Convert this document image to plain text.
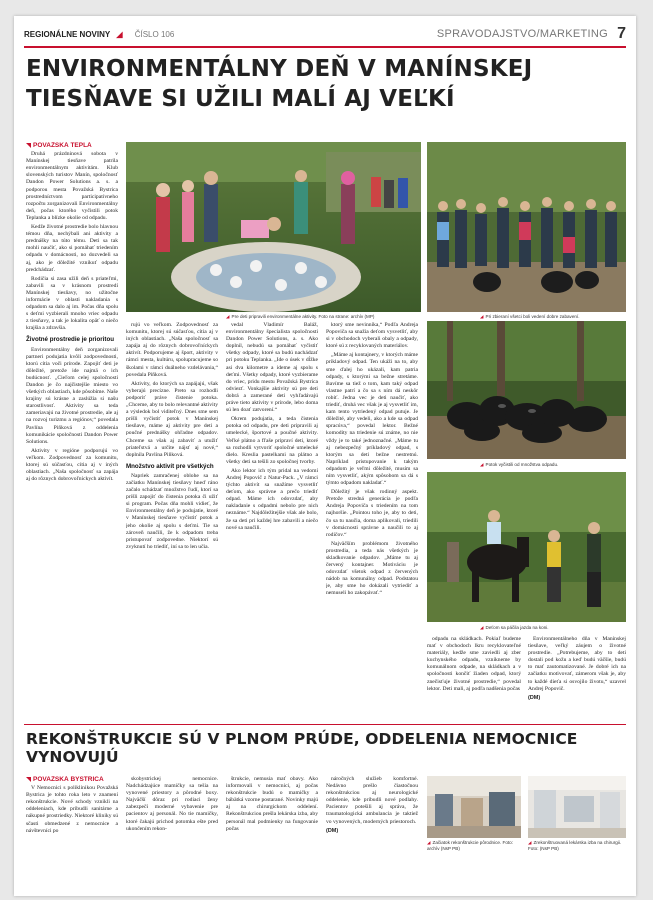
REGIONÁLNE NOVINY ◢ ČÍSLO 106	SPRAVODAJSTVO/MARKETING 7
ENVIRONMENTÁLNY DEŇ V MANÍNSKEJ
TIESŇAVE SI UŽILI MALÍ AJ VEĽKÍ
POVAŽSKÁ TEPLÁ

Druhá prázdninová sobota v Manínskej tiesňave patrila environmentálnym aktivitám. Klub slovenských turistov Manín, spoločnosť Dandon Power Solutions a. s. a podporou mesta Považská Bystrica prostredníctvom participatívneho rozpočtu zorganizovali Environmentálny deň, počas ktorého vyčistili potok Teplanka a blízke okolie od odpadu.

Kedže životné prostredie bolo hlavnou témou dňa, nechýbali ani aktivity a prednášky na túto tému. Deti sa tak mohli naučiť, ako si pomáhať triedením odpadu v domácnosti, no dozvedeli sa aj, ako je dôležité vznikuť odpadu predchádzať.

Rodičia si zasa užili deň s priateľmi, zabavili sa v krásnom prostredí Manínskej tiesňavy, no užitočne informácie v oblasti nakladania s odpadom sa dalo aj im. Počas dňa spolu s deťmi vyzbierali mnoho vriec odpadu z tiesňavy, a tak je lokalita opäť o niečo krajšia a zdravšia.

Životné prostredie je prioritou

Environmentálny deň zorganizovali partneri podujatia kvôli zodpovednosti, ktorú cítia voči prírode. Zapojiť deti je dôležité, pretože ide najmä o ich budúcnosť. „Cieľom celej spoločnosti Dandon je čo najčistejšie miesto vo všetkých oblastiach, kde pôsobíme. Naše krajiny sú krásne a zaslúžia si našu starostlivosť. Aktivity sa teda zameriavajú na životné prostredie, ale aj na rozvoj turizmu a regiónov,“ povedala Pavlína Piňková z oddelenia komunikácie spoločnosti Dandon Power Solutions.

Aktivity v regióne podporujú vo veľkom. Zodpovednosť za komunitu, ktorej sú súčasťou, cítia aj v iných oblastiach. „Naša spoločnosť sa zapája aj do rôznych dobrovoľníckych aktivít.

◢ Pre deti pripravili environmentálne aktivity. Foto na strane: archív (MP)	◢ Pri zbieraní všetci boli vedení dobre zabavení.

rujú vo veľkom. Zodpovednosť za komunitu, ktorej sú súčasťou, cítia aj v iných oblastiach. „Naša spoločnosť sa zapája aj do rôznych dobrovoľníckych aktivít. Podporujeme aj šport, aktivity v rámci mesta, kultúru, spolupracujeme so školami v rámci duálneho vzdelávania,“ povedala Piňková.

Aktivity, do ktorých sa zapájajú, však vyberajú precízne. Preto sa rozhodli podporiť práve čistenie potoka. „Chceme, aby to bolo relevantné aktivity a výsledok bol viditeľný. Dnes sme sem prišli vyčistiť potok v Manínskej tiesňave, máme aj aktivity pre deti a poučné prednášky ohľadne odpadov. Chceme sa však aj zabaviť a utužiť priateľstvá a určite nájsť aj nové,“ doplnila Pavlína Piňková.

Množstvo aktivít pre všetkých

Napriek zamračenej oblohe sa na začiatku Manínskej tiesňavy hneď ráno začalo schádzať množstvo ľudí, ktorí sa prišli zapojiť do čistenia potoka či užiť si program. Počas dňa mohli vidieť, že Environmentálny deň je podujatie, ktoré v Manínskej tiesňave vyčistiť potok a jeho okolie aj spolu s deťmi. Tie sa zároveň naučili, že k odpadom treba pristupovať zodpovedne. Niektorí sú zvyknutí ho triediť, iní sa to len učia.

vedal Vladimír Baláž, environmentálny špecialista spoločnosti Dandon Power Solutions, a. s. Ako doplnil, nebudú sa pomáhať vyčistiť všetky odpady, ktoré sa budú nachádzať pri potoku Teplanka. „Ide o úsek v dĺžke asi dva kilometre a ideme aj spolu s deťmi. Všetky odpady, ktoré vyzbierame do vriec, pridu mestu Považská Bystrica odviezť. Vonkajšie aktivity sú pre deti dobrá a zamerané deti vyhľadávajú práve tieto aktivity v prírode, lebo doma sú len doať zatvorení.“

Okrem podujatia, a teda čistenia potoka od odpadu, pre deti pripravili aj umelecké, športové a poučné aktivity. Veľké plátno a fľaše pripraví deti, ktoré sa rozhodli vytvoriť spoločné umelecké dielo. Kreslia pastelkami na plátno a všetky deti sa tešili zo spoločnej tvorby.

Ako lektor ich tým pridal na vedomí Andrej Popovič z Natur-Pack. „V rámci týchto aktivít sa snažíme vysvetliť deťom, ako správne a prečo triediť odpad. Máme ich odovzdať, aby nakladanie s odpadmi nebolo pre nich neznáme.“ Najdôležitejšie však ale bolo, že sa deti pri každej hre zabavili a niečo nové sa naučili.

ktorý sme nevinníka,“ Podľa Andreja Popoviča sa snažia deťom vysvetliť, aby si v obchodoch vyberali obaly a odpady, ktoré sú z recyklovaných materiálov.

„Máme aj kontajnery, v ktorých máme príkladový odpad. Ten ukáži na to, aby sme ďalej ho ukázali, kam patria odpady, s ktorými sa bežne stretáme. Bavíme sa tiež o tom, kam taký odpad vlastne patrí a čo sa s ním dá neskôr robiť. Jedna vec je deti naučiť, ako triediť, druhá vec však je aj vysvetliť im, kam tento vytriedený odpad putuje. Je dôležité, aby vedeli, ako a kde sa odpad spracúva,“ povedal lektor. Bežné komodity na triedenie sú známe, no nie vždy je to také jednoznačné. „Máme tu aj nebezpečný príkladový odpad, s ktorým sa deti bežne nestretnú. Napríklad pristupovanie k takým odpadom je veľmi dôležité, musím sa ním vysvetliť, akým spôsobom sa dá s týmto odpadom nakladať.“

Dôležitý je však rodinný aspekt. Pretože stredná generácia je podľa Andreja Popoviča s triedením na tom najhoršie. „Pointou toho je, aby to deti, čo sa tu naučia, doma aplikovali, triedili v domácnosti správne a naučili to aj rodičov.“

Najväčším problémom životného prostredia, a teda nás všetkých je skladkovanie odpadov. „Máme tu aj červený kontajner. Motiváciu je odovzdať všetok odpad z červených nádob na komunálny odpad. Podstatou je, aby sme ho dokázali vytriediť a nemuseli ho zakopávať.“

◢ Potok vyčistili od množstva odpadu.
◢ Deťom sa páčila jazda na koni.

odpadu na skládkach. Pokiaľ budeme mať v obchodoch lkru recyklovateľné materiály, kedže sme zaviedli aj zber kuchynského odpadu, vznikneme by komunálnom odpade, na skládkach a v spoločnosti končiť žiaden odpad, ktorý znečisťuje životné prostredie,“ povedal lektor. Deti mali, aj podľa nadšenia počas

Environmentálneho dňa v Manínskej tiesňave, veľký záujem o životné prostredie. „Potrebujeme, aby to deti dostali pod kožu a keď budú väčšie, budú to mať zautomatizované. Je dobré ich na začiatku motivovať, zámerom však je, aby to každé dieťa si osvojilo životu,“ uzavrel Andrej Popovič.

(DM)
REKONŠTRUKCIE SÚ V PLNOM PRÚDE, ODDELENIA NEMOCNICE VYNOVUJÚ
POVAŽSKÁ BYSTRICA

V Nemocnici s poliklinikou Považská Bystrica je tohto roka leto v znamení rekonštrukcie. Nové schody vznikli na oddeleniach, kde pribudli sanitárne a nákupné prostriedky. Niektoré kliniky sú sčasti obmedzené z nemocnice a návštevníci po

skobystrickej nemocnice. Nadchádzajúce mamičky sa tešia na vynovené priestory a pôrodné boxy. Najväčší dôraz pri rodiaci ženy zabezpečí moderné vybavenie pre pacientov aj personál. No tie mamičky, ktoré čakajú prichod potomka ešte pred ukončením rekon-

štrukcie, nemusia mať obavy. Ako informovali v nemocnici, aj počas rekonštrukcie budú o mamičky a bábätká vzorne postarané. Novinky majú aj na chirurgickom oddelení. Rekonštrukciou prešla lekárska izba, aby personál mal podmienky na fungovanie počas

náročných služieb komfortné. Nedávno prešlo čiastočnou rekonštrukciou aj neurologické oddelenie, kde pribudli nové podlahy. Pacientov potešili aj správa, že traumatologická ambulancia je taktiež vo vynovených, moderných priestoroch.

(DM)
◢ Začiatok rekonštrukcie pôrodnice. Foto: archív (NsP PB)
◢ Zrekonštruovaná lekárska izba na chirurgii. Foto: (NsP PB)
